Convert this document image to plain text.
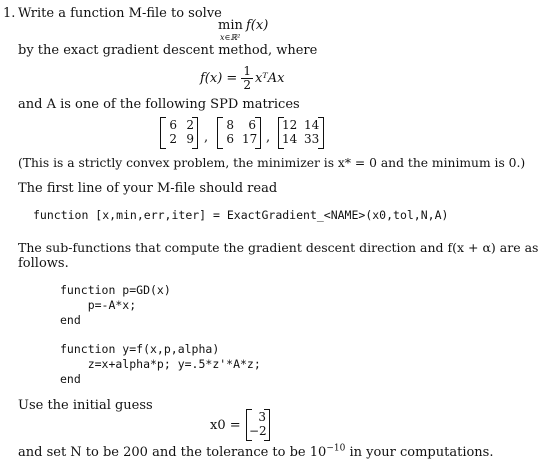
1. Write a function M-file to solve
min
x∈ℝ²
f(x)
by the exact gradient descent method, where
$f(x) = \frac{1}{2}$ xᵀAx
and A is one of the following SPD matrices
6 2
2 9 ,
8	6
6 17 ,
12 14
14 33
(This is a strictly convex problem, the minimizer is x* = 0 and the minimum is 0.)
The first line of your M-file should read
function [x,min,err,iter] = ExactGradient_<NAME>(x0,tol,N,A)
The sub-functions that compute the gradient descent direction and f(x + α) are as
follows.
function p=GD(x)
p=-A*x;
end
function y=f(x,p,alpha)
z=x+alpha*p; y=.5*z'*A*z;
end
Use the initial guess
x0 =
3
−2
and set N to be 200 and the tolerance to be $10^{-10}$ in your computations.
